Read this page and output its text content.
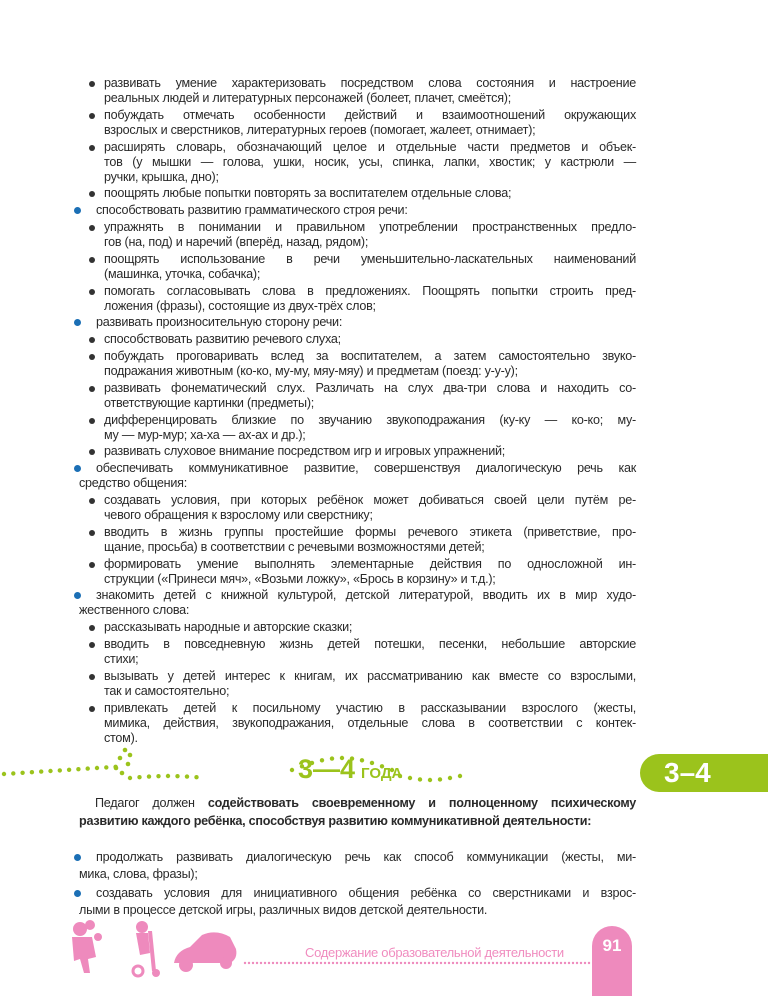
развивать умение характеризовать посредством слова состояния и настроение
реальных людей и литературных персонажей (болеет, плачет, смеётся);
побуждать отмечать особенности действий и взаимоотношений окружающих
взрослых и сверстников, литературных героев (помогает, жалеет, отнимает);
расширять словарь, обозначающий целое и отдельные части предметов и объек-
тов (у мышки — голова, ушки, носик, усы, спинка, лапки, хвостик; у кастрюли —
ручки, крышка, дно);
поощрять любые попытки повторять за воспитателем отдельные слова;
способствовать развитию грамматического строя речи:
упражнять в понимании и правильном употреблении пространственных предло-
гов (на, под) и наречий (вперёд, назад, рядом);
поощрять использование в речи уменьшительно-ласкательных наименований
(машинка, уточка, собачка);
помогать согласовывать слова в предложениях. Поощрять попытки строить пред-
ложения (фразы), состоящие из двух-трёх слов;
развивать произносительную сторону речи:
способствовать развитию речевого слуха;
побуждать проговаривать вслед за воспитателем, а затем самостоятельно звуко-
подражания животным (ко-ко, му-му, мяу-мяу) и предметам (поезд: у-у-у);
развивать фонематический слух. Различать на слух два-три слова и находить со-
ответствующие картинки (предметы);
дифференцировать близкие по звучанию звукоподражания (ку-ку — ко-ко; му-
му — мур-мур; ха-ха — ах-ах и др.);
развивать слуховое внимание посредством игр и игровых упражнений;
обеспечивать коммуникативное развитие, совершенствуя диалогическую речь как
средство общения:
создавать условия, при которых ребёнок может добиваться своей цели путём ре-
чевого обращения к взрослому или сверстнику;
вводить в жизнь группы простейшие формы речевого этикета (приветствие, про-
щание, просьба) в соответствии с речевыми возможностями детей;
формировать умение выполнять элементарные действия по односложной ин-
струкции («Принеси мяч», «Возьми ложку», «Брось в корзину» и т.д.);
знакомить детей с книжной культурой, детской литературой, вводить их в мир худо-
жественного слова:
рассказывать народные и авторские сказки;
вводить в повседневную жизнь детей потешки, песенки, небольшие авторские
стихи;
вызывать у детей интерес к книгам, их рассматриванию как вместе со взрослыми,
так и самостоятельно;
привлекать детей к посильному участию в рассказывании взрослого (жесты,
мимика, действия, звукоподражания, отдельные слова в соответствии с контек-
стом).
3—4 ГОДА	3–4
Педагог должен содействовать своевременному и полноценному психическому развитию каждого ребёнка, способствуя развитию коммуникативной деятельности:
продолжать развивать диалогическую речь как способ коммуникации (жесты, ми-
мика, слова, фразы);
создавать условия для инициативного общения ребёнка со сверстниками и взрос-
лыми в процессе детской игры, различных видов детской деятельности.
Содержание образовательной деятельности	91
